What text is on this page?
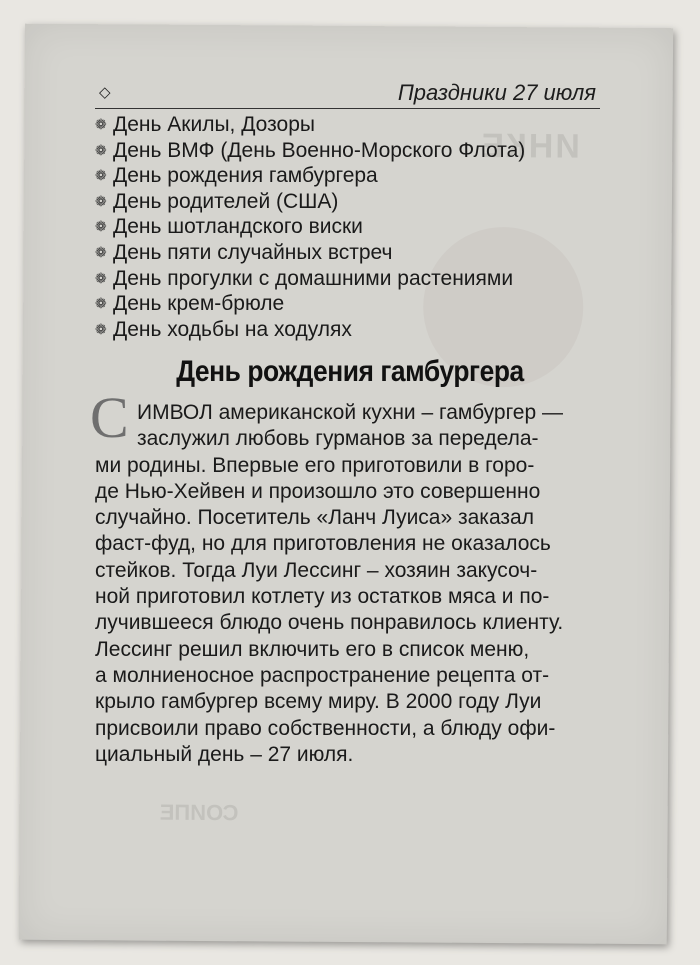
ИНКЕ
СОИПЕ
◇	Праздники 27 июля
❁ День Акилы, Дозоры
❁ День ВМФ (День Военно-Морского Флота)
❁ День рождения гамбургера
❁ День родителей (США)
❁ День шотландского виски
❁ День пяти случайных встреч
❁ День прогулки с домашними растениями
❁ День крем-брюле
❁ День ходьбы на ходулях
День рождения гамбургера
С ИМВОЛ американской кухни – гамбургер —
заслужил любовь гурманов за передела-
ми родины. Впервые его приготовили в горо-
де Нью-Хейвен и произошло это совершенно
случайно. Посетитель «Ланч Луиса» заказал
фаст-фуд, но для приготовления не оказалось
стейков. Тогда Луи Лессинг – хозяин закусоч-
ной приготовил котлету из остатков мяса и по-
лучившееся блюдо очень понравилось клиенту.
Лессинг решил включить его в список меню,
а молниеносное распространение рецепта от-
крыло гамбургер всему миру. В 2000 году Луи
присвоили право собственности, а блюду офи-
циальный день – 27 июля.
